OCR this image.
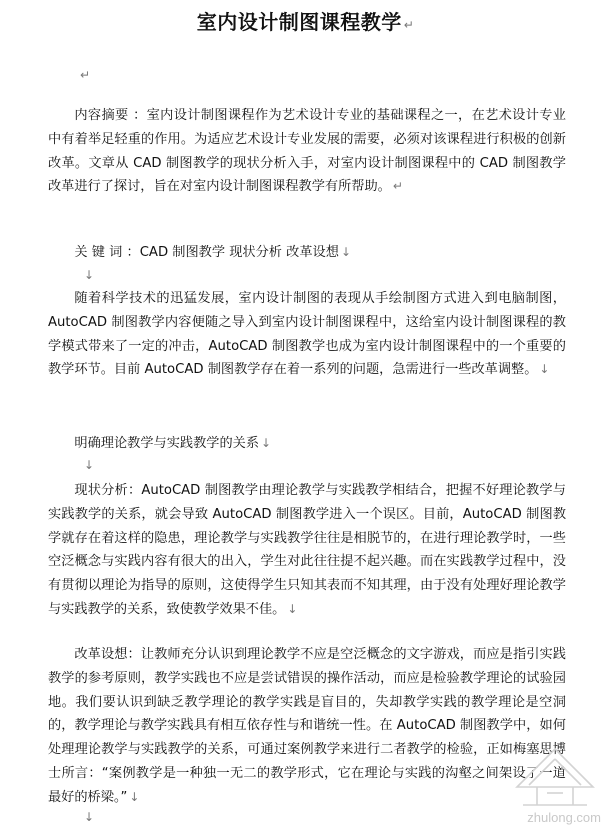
室内设计制图课程教学 ↵
↵

内容摘要 ：室内设计制图课程作为艺术设计专业的基础课程之一，在艺术设计专业中有着举足轻重的作用。为适应艺术设计专业发展的需要，必须对该课程进行积极的创新改革。文章从 CAD 制图教学的现状分析入手，对室内设计制图课程中的 CAD 制图教学改革进行了探讨，旨在对室内设计制图课程教学有所帮助。 ↵

关 键 词 ：CAD 制图教学 现状分析 改革设想 ↓

↓

随着科学技术的迅猛发展，室内设计制图的表现从手绘制图方式进入到电脑制图，AutoCAD 制图教学内容便随之导入到室内设计制图课程中，这给室内设计制图课程的教学模式带来了一定的冲击，AutoCAD 制图教学也成为室内设计制图课程中的一个重要的教学环节。目前 AutoCAD 制图教学存在着一系列的问题，急需进行一些改革调整。 ↓

明确理论教学与实践教学的关系 ↓

↓

现状分析：AutoCAD 制图教学由理论教学与实践教学相结合，把握不好理论教学与实践教学的关系，就会导致 AutoCAD 制图教学进入一个误区。目前，AutoCAD 制图教学就存在着这样的隐患，理论教学与实践教学往往是相脱节的，在进行理论教学时，一些空泛概念与实践内容有很大的出入，学生对此往往提不起兴趣。而在实践教学过程中，没有贯彻以理论为指导的原则，这使得学生只知其表而不知其理，由于没有处理好理论教学与实践教学的关系，致使教学效果不佳。 ↓

改革设想：让教师充分认识到理论教学不应是空泛概念的文字游戏，而应是指引实践教学的参考原则，教学实践也不应是尝试错误的操作活动，而应是检验教学理论的试验园地。我们要认识到缺乏教学理论的教学实践是盲目的，失却教学实践的教学理论是空洞的，教学理论与教学实践具有相互依存性与和谐统一性。在 AutoCAD 制图教学中，如何处理理论教学与实践教学的关系，可通过案例教学来进行二者教学的检验，正如梅塞思博士所言：“案例教学是一种独一无二的教学形式，它在理论与实践的沟壑之间架设了一道最好的桥梁。” ↓

↓	zhulong.com
